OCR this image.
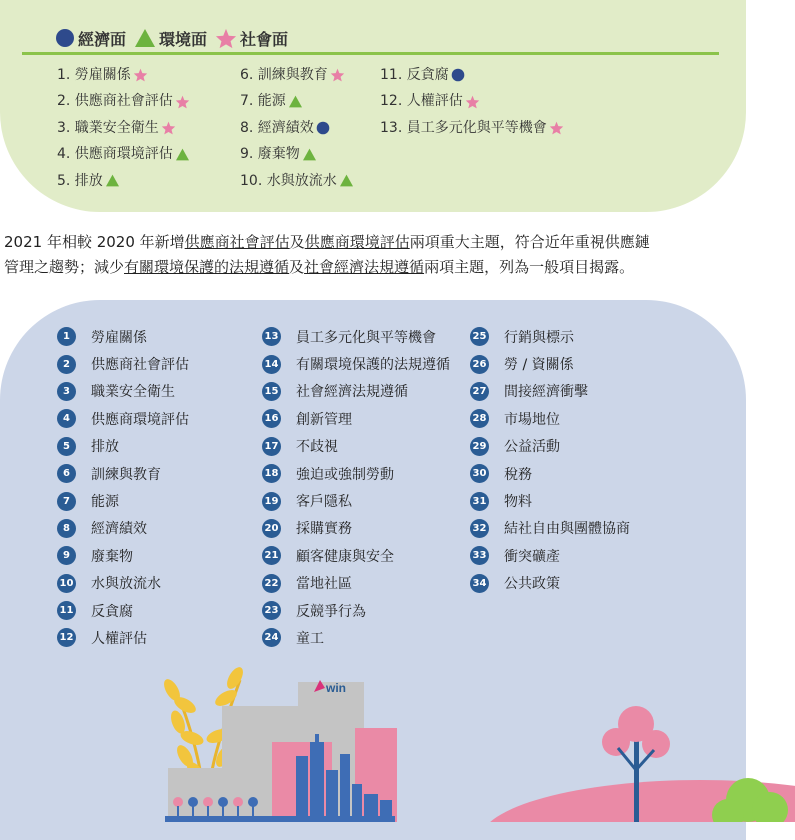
經濟面 環境面 社會面
1. 勞雇關係
2. 供應商社會評估
3. 職業安全衛生
4. 供應商環境評估
5. 排放
6. 訓練與教育
7. 能源
8. 經濟績效
9. 廢棄物
10. 水與放流水
11. 反貪腐
12. 人權評估
13. 員工多元化與平等機會
2021 年相較 2020 年新增供應商社會評估及供應商環境評估兩項重大主題，符合近年重視供應鏈
管理之趨勢；減少有關環境保護的法規遵循及社會經濟法規遵循兩項主題，列為一般項目揭露。
1	勞雇關係
2	供應商社會評估
3	職業安全衛生
4	供應商環境評估
5	排放
6	訓練與教育
7	能源
8	經濟績效
9	廢棄物
10 水與放流水
11 反貪腐
12 人權評估
13 員工多元化與平等機會
14 有關環境保護的法規遵循
15 社會經濟法規遵循
16 創新管理
17 不歧視
18 強迫或強制勞動
19 客戶隱私
20 採購實務
21 顧客健康與安全
22 當地社區
23 反競爭行為
24 童工
25 行銷與標示
26 勞 / 資關係
27 間接經濟衝擊
28 市場地位
29 公益活動
30 稅務
31 物料
32 結社自由與團體協商
33 衝突礦產
34 公共政策
win
